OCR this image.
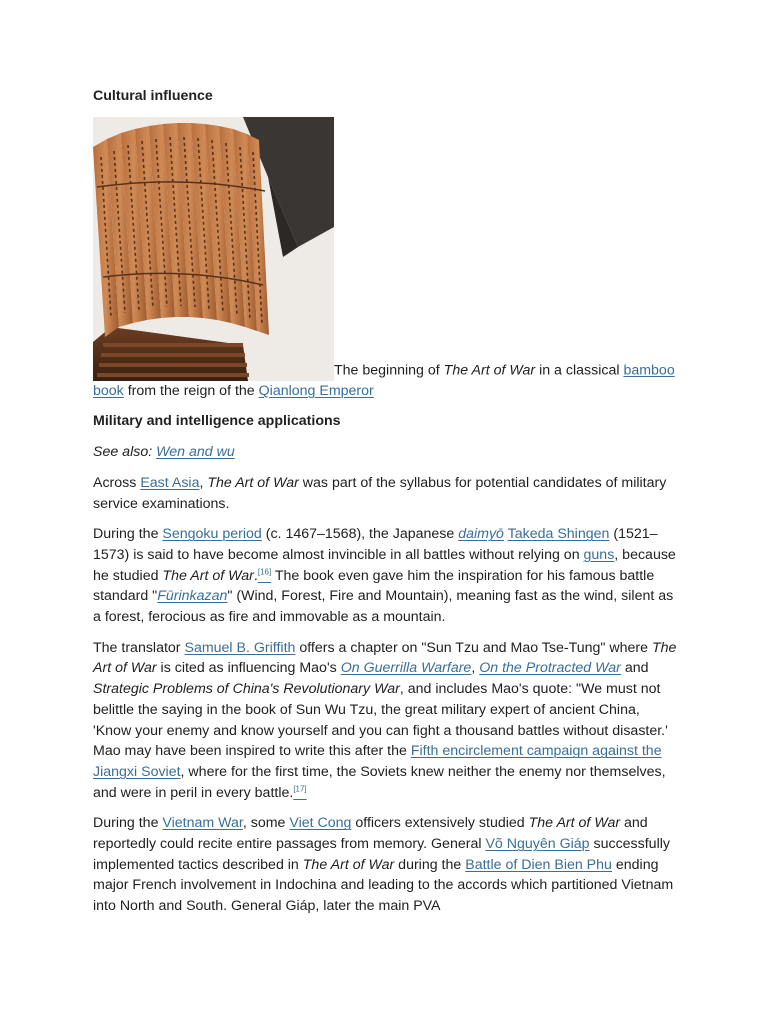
Cultural influence

The beginning of The Art of War in a classical bamboo book from the reign of the Qianlong Emperor

Military and intelligence applications

See also: Wen and wu

Across East Asia, The Art of War was part of the syllabus for potential candidates of military service examinations.

During the Sengoku period (c. 1467–1568), the Japanese daimyō Takeda Shingen (1521–1573) is said to have become almost invincible in all battles without relying on guns, because he studied The Art of War.[16] The book even gave him the inspiration for his famous battle standard "Fūrinkazan" (Wind, Forest, Fire and Mountain), meaning fast as the wind, silent as a forest, ferocious as fire and immovable as a mountain.

The translator Samuel B. Griffith offers a chapter on "Sun Tzu and Mao Tse-Tung" where The Art of War is cited as influencing Mao's On Guerrilla Warfare, On the Protracted War and Strategic Problems of China's Revolutionary War, and includes Mao's quote: "We must not belittle the saying in the book of Sun Wu Tzu, the great military expert of ancient China, 'Know your enemy and know yourself and you can fight a thousand battles without disaster.' Mao may have been inspired to write this after the Fifth encirclement campaign against the Jiangxi Soviet, where for the first time, the Soviets knew neither the enemy nor themselves, and were in peril in every battle.[17]

During the Vietnam War, some Viet Cong officers extensively studied The Art of War and reportedly could recite entire passages from memory. General Võ Nguyên Giáp successfully implemented tactics described in The Art of War during the Battle of Dien Bien Phu ending major French involvement in Indochina and leading to the accords which partitioned Vietnam into North and South. General Giáp, later the main PVA
